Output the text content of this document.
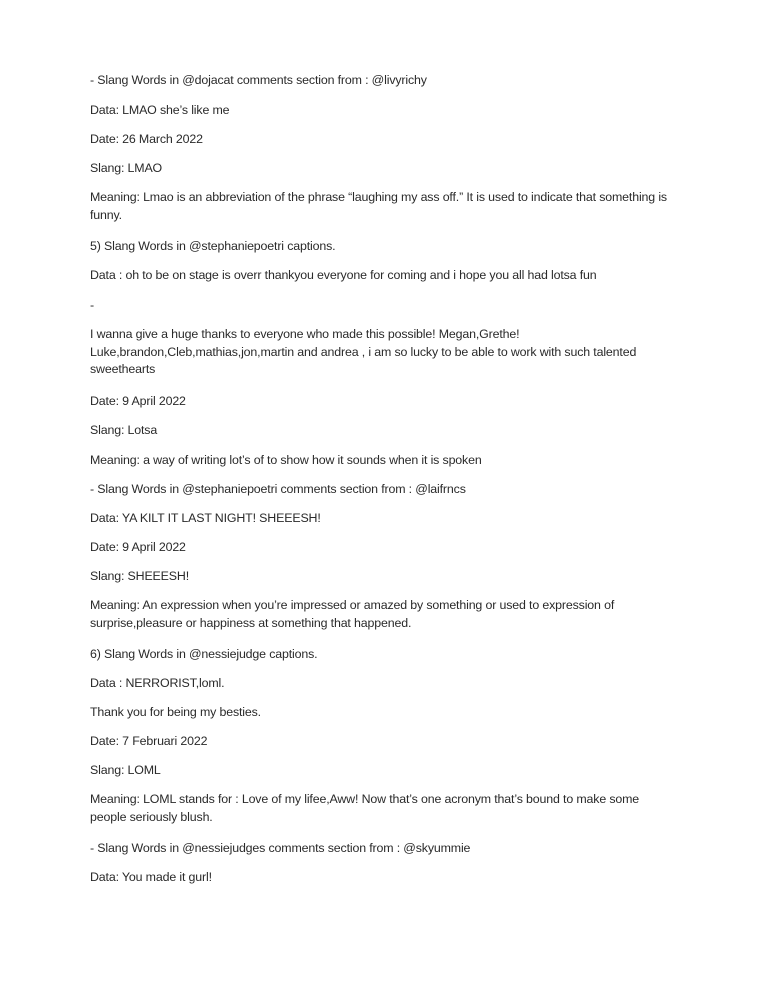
- Slang Words in @dojacat comments section from : @livyrichy
Data: LMAO she’s like me
Date: 26 March 2022
Slang: LMAO
Meaning: Lmao is an abbreviation of the phrase “laughing my ass off.” It is used to indicate that something is funny.
5) Slang Words in @stephaniepoetri captions.
Data : oh to be on stage is overr thankyou everyone for coming and i hope you all had lotsa fun
-
I wanna give a huge thanks to everyone who made this possible! Megan,Grethe! Luke,brandon,Cleb,mathias,jon,martin and andrea , i am so lucky to be able to work with such talented sweethearts
Date: 9 April 2022
Slang: Lotsa
Meaning: a way of writing lot’s of to show how it sounds when it is spoken
- Slang Words in @stephaniepoetri comments section from : @laifrncs
Data: YA KILT IT LAST NIGHT! SHEEESH!
Date: 9 April 2022
Slang: SHEEESH!
Meaning: An expression when you’re impressed or amazed by something or used to expression of surprise,pleasure or happiness at something that happened.
6) Slang Words in @nessiejudge captions.
Data : NERRORIST,loml.
Thank you for being my besties.
Date: 7 Februari 2022
Slang: LOML
Meaning: LOML stands for : Love of my lifee,Aww! Now that’s one acronym that’s bound to make some people seriously blush.
- Slang Words in @nessiejudges comments section from : @skyummie
Data: You made it gurl!
